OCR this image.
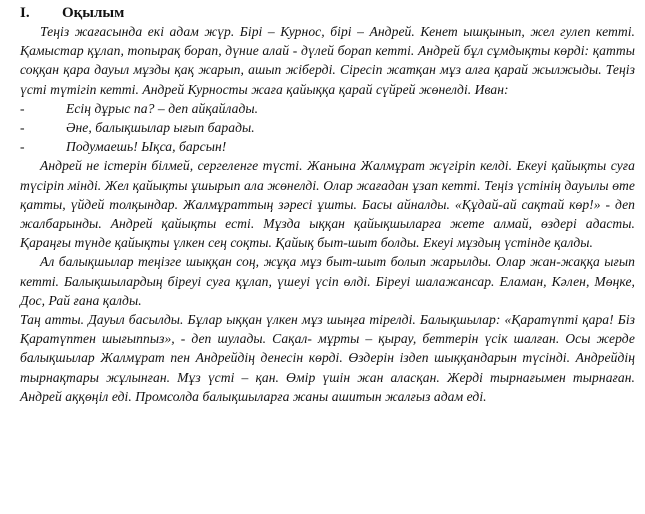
I.	Оқылым

Теңіз жағасында екі адам жүр. Бірі – Курнос, бірі – Андрей. Кенет ышқынып, жел гулеп кетті. Қамыстар құлап, топырақ борап, дүние алай - дүлей борап кетті. Андрей бұл сұмдықты көрді: қатты соққан қара дауыл мұзды қақ жарып, ашып жіберді. Сіресіп жатқан мұз алға қарай жылжыды. Теңіз үсті түтігіп кетті. Андрей Курносты жаға қайыққа қарай сүйрей жөнелді. Иван:

-	Есің дұрыс па? – деп айқайлады.
-	Әне, балықшылар ығып барады.
-	Подумаешь! Ықса, барсын!

Андрей не істерін білмей, сергеленге түсті. Жанына Жалмұрат жүгіріп келді. Екеуі қайықты суға түсіріп мінді. Жел қайықты ұшырып ала жөнелді. Олар жағадан ұзап кетті. Теңіз үстінің дауылы өте қатты, үйдей толқындар. Жалмұраттың зәресі ұшты. Басы айналды. «Құдай-ай сақтай көр!» - деп жалбарынды. Андрей қайықты есті. Мұзда ыққан қайықшыларға жете алмай, өздері адасты. Қараңғы түнде қайықты үлкен сең соқты. Қайық быт-шыт болды. Екеуі мұздың үстінде қалды.

Ал балықшылар теңізге шыққан соң, жұқа мұз быт-шыт болып жарылды. Олар жан-жаққа ығып кетті. Балықшылардың біреуі суға құлап, үшеуі үсіп өлді. Біреуі шалажансар. Еламан, Кәлен, Мөңке, Дос, Рай ғана қалды.

Таң атты. Дауыл басылды. Бұлар ыққан үлкен мұз шыңға тірелді. Балықшылар: «Қаратүпті қара! Біз Қаратүптен шығыппыз», - деп шулады. Сақал- мұрты – қырау, беттерін үсік шалған. Осы жерде балықшылар Жалмұрат пен Андрейдің денесін көрді. Өздерін іздеп шыққандарын түсінді. Андрейдің тырнақтары жұлынған. Мұз үсті – қан. Өмір үшін жан аласқан. Жерді тырнағымен тырнаған. Андрей аққөңіл еді. Промсолда балықшыларға жаны ашитын жалғыз адам еді.
